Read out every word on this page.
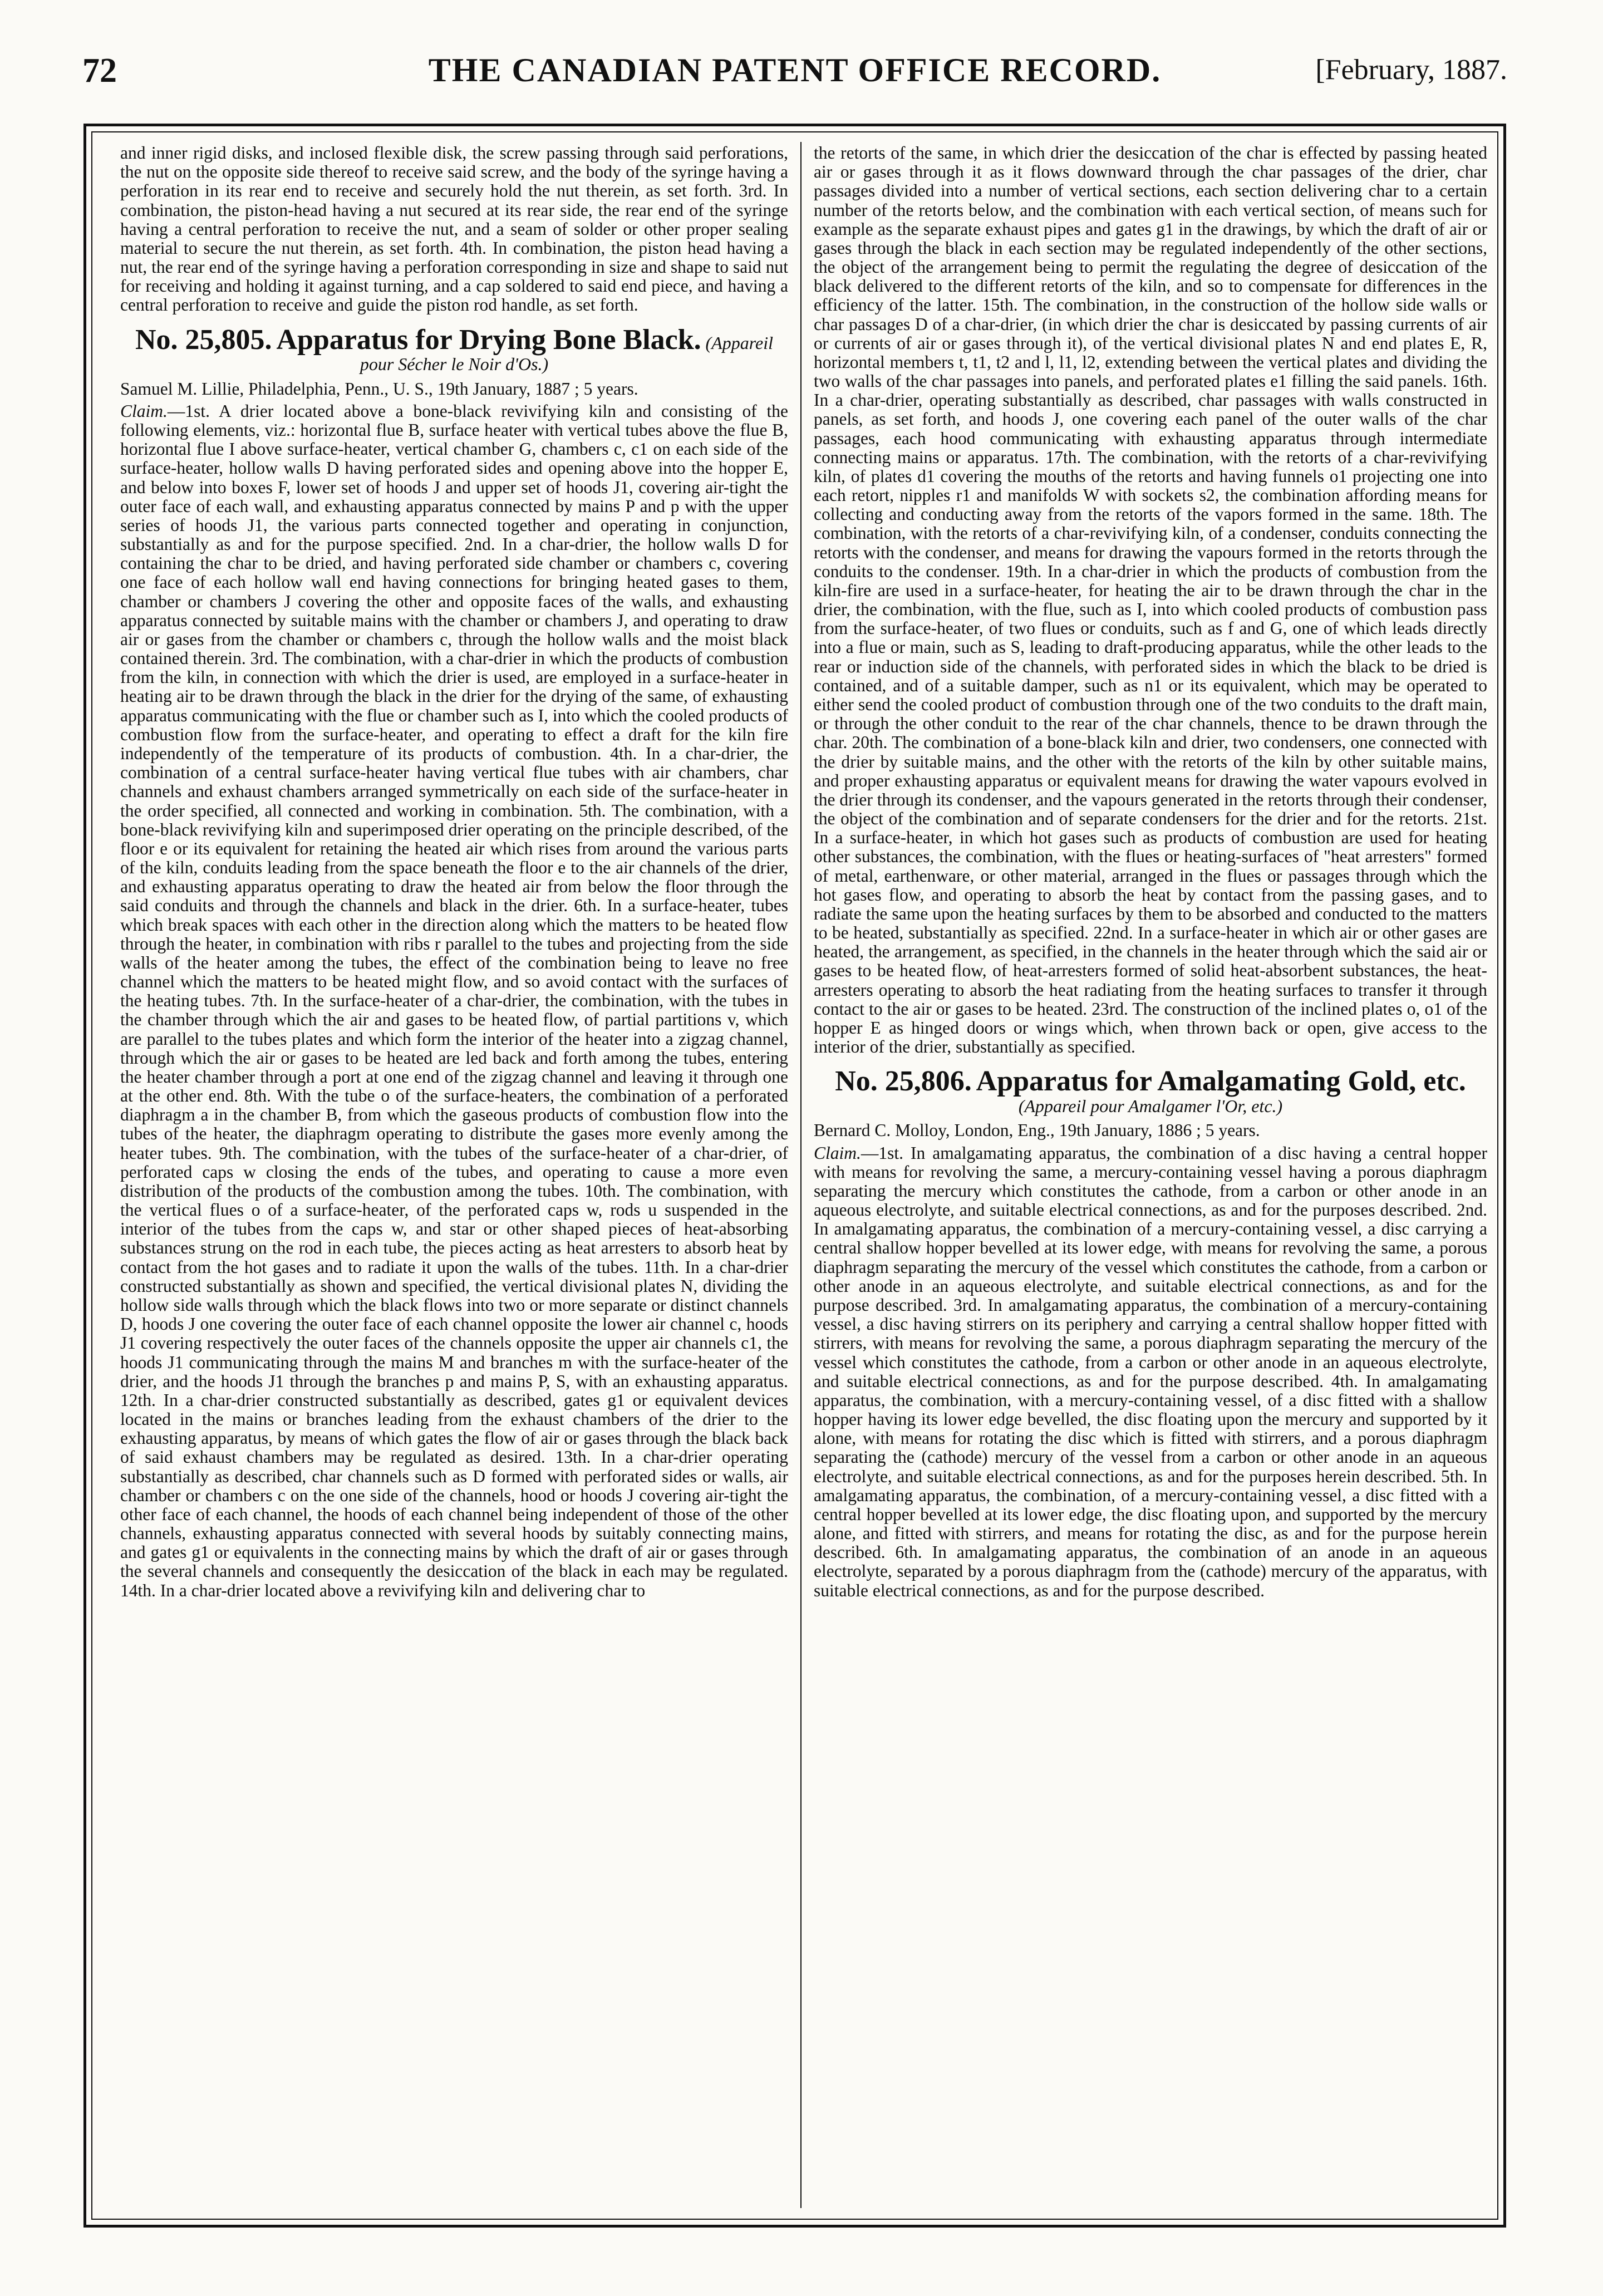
72	THE CANADIAN PATENT OFFICE RECORD.	[February, 1887.

and inner rigid disks, and inclosed flexible disk, the screw passing through said perforations, the nut on the opposite side thereof to receive said screw, and the body of the syringe having a perforation in its rear end to receive and securely hold the nut therein, as set forth. 3rd. In combination, the piston-head having a nut secured at its rear side, the rear end of the syringe having a central perforation to receive the nut, and a seam of solder or other proper sealing material to secure the nut therein, as set forth. 4th. In combination, the piston head having a nut, the rear end of the syringe having a perforation corresponding in size and shape to said nut for receiving and holding it against turning, and a cap soldered to said end piece, and having a central perforation to receive and guide the piston rod handle, as set forth.

No. 25,805. Apparatus for Drying Bone Black. (Appareil pour Sécher le Noir d'Os.)

Samuel M. Lillie, Philadelphia, Penn., U. S., 19th January, 1887 ; 5 years.

Claim.—1st. A drier located above a bone-black revivifying kiln and consisting of the following elements, viz.: horizontal flue B, surface heater with vertical tubes above the flue B, horizontal flue I above surface-heater, vertical chamber G, chambers c, c1 on each side of the surface-heater, hollow walls D having perforated sides and opening above into the hopper E, and below into boxes F, lower set of hoods J and upper set of hoods J1, covering air-tight the outer face of each wall, and exhausting apparatus connected by mains P and p with the upper series of hoods J1, the various parts connected together and operating in conjunction, substantially as and for the purpose specified. 2nd. In a char-drier, the hollow walls D for containing the char to be dried, and having perforated side chamber or chambers c, covering one face of each hollow wall end having connections for bringing heated gases to them, chamber or chambers J covering the other and opposite faces of the walls, and exhausting apparatus connected by suitable mains with the chamber or chambers J, and operating to draw air or gases from the chamber or chambers c, through the hollow walls and the moist black contained therein. 3rd. The combination, with a char-drier in which the products of combustion from the kiln, in connection with which the drier is used, are employed in a surface-heater in heating air to be drawn through the black in the drier for the drying of the same, of exhausting apparatus communicating with the flue or chamber such as I, into which the cooled products of combustion flow from the surface-heater, and operating to effect a draft for the kiln fire independently of the temperature of its products of combustion. 4th. In a char-drier, the combination of a central surface-heater having vertical flue tubes with air chambers, char channels and exhaust chambers arranged symmetrically on each side of the surface-heater in the order specified, all connected and working in combination. 5th. The combination, with a bone-black revivifying kiln and superimposed drier operating on the principle described, of the floor e or its equivalent for retaining the heated air which rises from around the various parts of the kiln, conduits leading from the space beneath the floor e to the air channels of the drier, and exhausting apparatus operating to draw the heated air from below the floor through the said conduits and through the channels and black in the drier. 6th. In a surface-heater, tubes which break spaces with each other in the direction along which the matters to be heated flow through the heater, in combination with ribs r parallel to the tubes and projecting from the side walls of the heater among the tubes, the effect of the combination being to leave no free channel which the matters to be heated might flow, and so avoid contact with the surfaces of the heating tubes. 7th. In the surface-heater of a char-drier, the combination, with the tubes in the chamber through which the air and gases to be heated flow, of partial partitions v, which are parallel to the tubes plates and which form the interior of the heater into a zigzag channel, through which the air or gases to be heated are led back and forth among the tubes, entering the heater chamber through a port at one end of the zigzag channel and leaving it through one at the other end. 8th. With the tube o of the surface-heaters, the combination of a perforated diaphragm a in the chamber B, from which the gaseous products of combustion flow into the tubes of the heater, the diaphragm operating to distribute the gases more evenly among the heater tubes. 9th. The combination, with the tubes of the surface-heater of a char-drier, of perforated caps w closing the ends of the tubes, and operating to cause a more even distribution of the products of the combustion among the tubes. 10th. The combination, with the vertical flues o of a surface-heater, of the perforated caps w, rods u suspended in the interior of the tubes from the caps w, and star or other shaped pieces of heat-absorbing substances strung on the rod in each tube, the pieces acting as heat arresters to absorb heat by contact from the hot gases and to radiate it upon the walls of the tubes. 11th. In a char-drier constructed substantially as shown and specified, the vertical divisional plates N, dividing the hollow side walls through which the black flows into two or more separate or distinct channels D, hoods J one covering the outer face of each channel opposite the lower air channel c, hoods J1 covering respectively the outer faces of the channels opposite the upper air channels c1, the hoods J1 communicating through the mains M and branches m with the surface-heater of the drier, and the hoods J1 through the branches p and mains P, S, with an exhausting apparatus. 12th. In a char-drier constructed substantially as described, gates g1 or equivalent devices located in the mains or branches leading from the exhaust chambers of the drier to the exhausting apparatus, by means of which gates the flow of air or gases through the black back of said exhaust chambers may be regulated as desired. 13th. In a char-drier operating substantially as described, char channels such as D formed with perforated sides or walls, air chamber or chambers c on the one side of the channels, hood or hoods J covering air-tight the other face of each channel, the hoods of each channel being independent of those of the other channels, exhausting apparatus connected with several hoods by suitably connecting mains, and gates g1 or equivalents in the connecting mains by which the draft of air or gases through the several channels and consequently the desiccation of the black in each may be regulated. 14th. In a char-drier located above a revivifying kiln and delivering char to

the retorts of the same, in which drier the desiccation of the char is effected by passing heated air or gases through it as it flows downward through the char passages of the drier, char passages divided into a number of vertical sections, each section delivering char to a certain number of the retorts below, and the combination with each vertical section, of means such for example as the separate exhaust pipes and gates g1 in the drawings, by which the draft of air or gases through the black in each section may be regulated independently of the other sections, the object of the arrangement being to permit the regulating the degree of desiccation of the black delivered to the different retorts of the kiln, and so to compensate for differences in the efficiency of the latter. 15th. The combination, in the construction of the hollow side walls or char passages D of a char-drier, (in which drier the char is desiccated by passing currents of air or currents of air or gases through it), of the vertical divisional plates N and end plates E, R, horizontal members t, t1, t2 and l, l1, l2, extending between the vertical plates and dividing the two walls of the char passages into panels, and perforated plates e1 filling the said panels. 16th. In a char-drier, operating substantially as described, char passages with walls constructed in panels, as set forth, and hoods J, one covering each panel of the outer walls of the char passages, each hood communicating with exhausting apparatus through intermediate connecting mains or apparatus. 17th. The combination, with the retorts of a char-revivifying kiln, of plates d1 covering the mouths of the retorts and having funnels o1 projecting one into each retort, nipples r1 and manifolds W with sockets s2, the combination affording means for collecting and conducting away from the retorts of the vapors formed in the same. 18th. The combination, with the retorts of a char-revivifying kiln, of a condenser, conduits connecting the retorts with the condenser, and means for drawing the vapours formed in the retorts through the conduits to the condenser. 19th. In a char-drier in which the products of combustion from the kiln-fire are used in a surface-heater, for heating the air to be drawn through the char in the drier, the combination, with the flue, such as I, into which cooled products of combustion pass from the surface-heater, of two flues or conduits, such as f and G, one of which leads directly into a flue or main, such as S, leading to draft-producing apparatus, while the other leads to the rear or induction side of the channels, with perforated sides in which the black to be dried is contained, and of a suitable damper, such as n1 or its equivalent, which may be operated to either send the cooled product of combustion through one of the two conduits to the draft main, or through the other conduit to the rear of the char channels, thence to be drawn through the char. 20th. The combination of a bone-black kiln and drier, two condensers, one connected with the drier by suitable mains, and the other with the retorts of the kiln by other suitable mains, and proper exhausting apparatus or equivalent means for drawing the water vapours evolved in the drier through its condenser, and the vapours generated in the retorts through their condenser, the object of the combination and of separate condensers for the drier and for the retorts. 21st. In a surface-heater, in which hot gases such as products of combustion are used for heating other substances, the combination, with the flues or heating-surfaces of "heat arresters" formed of metal, earthenware, or other material, arranged in the flues or passages through which the hot gases flow, and operating to absorb the heat by contact from the passing gases, and to radiate the same upon the heating surfaces by them to be absorbed and conducted to the matters to be heated, substantially as specified. 22nd. In a surface-heater in which air or other gases are heated, the arrangement, as specified, in the channels in the heater through which the said air or gases to be heated flow, of heat-arresters formed of solid heat-absorbent substances, the heat-arresters operating to absorb the heat radiating from the heating surfaces to transfer it through contact to the air or gases to be heated. 23rd. The construction of the inclined plates o, o1 of the hopper E as hinged doors or wings which, when thrown back or open, give access to the interior of the drier, substantially as specified.

No. 25,806. Apparatus for Amalgamating Gold, etc. (Appareil pour Amalgamer l'Or, etc.)

Bernard C. Molloy, London, Eng., 19th January, 1886 ; 5 years.

Claim.—1st. In amalgamating apparatus, the combination of a disc having a central hopper with means for revolving the same, a mercury-containing vessel having a porous diaphragm separating the mercury which constitutes the cathode, from a carbon or other anode in an aqueous electrolyte, and suitable electrical connections, as and for the purposes described. 2nd. In amalgamating apparatus, the combination of a mercury-containing vessel, a disc carrying a central shallow hopper bevelled at its lower edge, with means for revolving the same, a porous diaphragm separating the mercury of the vessel which constitutes the cathode, from a carbon or other anode in an aqueous electrolyte, and suitable electrical connections, as and for the purpose described. 3rd. In amalgamating apparatus, the combination of a mercury-containing vessel, a disc having stirrers on its periphery and carrying a central shallow hopper fitted with stirrers, with means for revolving the same, a porous diaphragm separating the mercury of the vessel which constitutes the cathode, from a carbon or other anode in an aqueous electrolyte, and suitable electrical connections, as and for the purpose described. 4th. In amalgamating apparatus, the combination, with a mercury-containing vessel, of a disc fitted with a shallow hopper having its lower edge bevelled, the disc floating upon the mercury and supported by it alone, with means for rotating the disc which is fitted with stirrers, and a porous diaphragm separating the (cathode) mercury of the vessel from a carbon or other anode in an aqueous electrolyte, and suitable electrical connections, as and for the purposes herein described. 5th. In amalgamating apparatus, the combination, of a mercury-containing vessel, a disc fitted with a central hopper bevelled at its lower edge, the disc floating upon, and supported by the mercury alone, and fitted with stirrers, and means for rotating the disc, as and for the purpose herein described. 6th. In amalgamating apparatus, the combination of an anode in an aqueous electrolyte, separated by a porous diaphragm from the (cathode) mercury of the apparatus, with suitable electrical connections, as and for the purpose described.
